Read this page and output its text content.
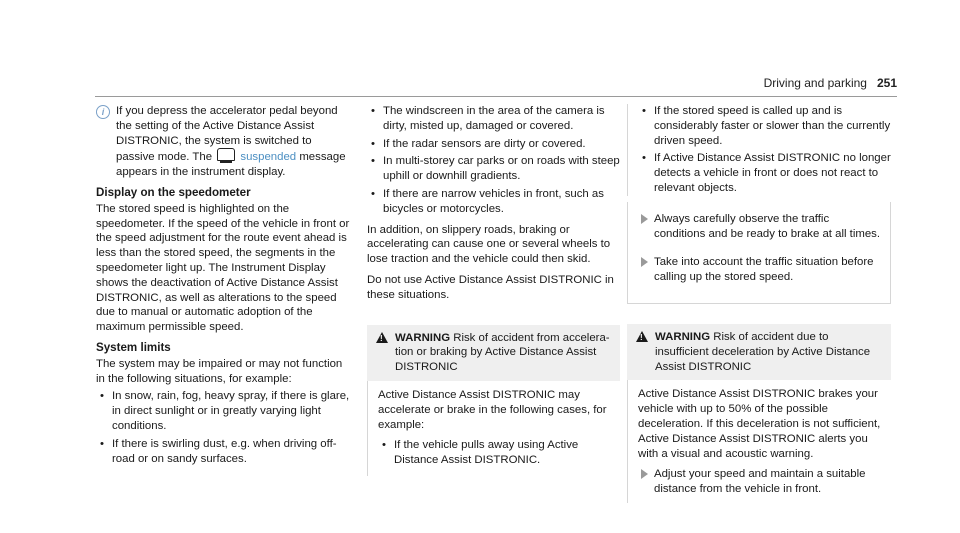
Driving and parking 251

i	If you depress the accelerator pedal beyond the setting of the Active Distance Assist DISTRONIC, the system is switched to passive mode. The suspended message appears in the instrument display.

Display on the speedometer

The stored speed is highlighted on the speedometer. If the speed of the vehicle in front or the speed adjustment for the route event ahead is less than the stored speed, the segments in the speedometer light up. The Instrument Display shows the deactivation of Active Distance Assist DISTRONIC, as well as alterations to the speed due to manual or automatic adoption of the maximum permissible speed.

System limits

The system may be impaired or may not function in the following situations, for example:

• In snow, rain, fog, heavy spray, if there is glare, in direct sunlight or in greatly varying light conditions.
• If there is swirling dust, e.g. when driving off-road or on sandy surfaces.
• The windscreen in the area of the camera is dirty, misted up, damaged or covered.
• If the radar sensors are dirty or covered.
• In multi-storey car parks or on roads with steep uphill or downhill gradients.
• If there are narrow vehicles in front, such as bicycles or motorcycles.

In addition, on slippery roads, braking or accelerating can cause one or several wheels to lose traction and the vehicle could then skid.

Do not use Active Distance Assist DISTRONIC in these situations.

!
WARNING Risk of accident from accelera-tion or braking by Active Distance Assist DISTRONIC

Active Distance Assist DISTRONIC may accelerate or brake in the following cases, for example:

• If the vehicle pulls away using Active Distance Assist DISTRONIC.
• If the stored speed is called up and is considerably faster or slower than the currently driven speed.
• If Active Distance Assist DISTRONIC no longer detects a vehicle in front or does not react to relevant objects.
Always carefully observe the traffic conditions and be ready to brake at all times.
Take into account the traffic situation before calling up the stored speed.
!
WARNING Risk of accident due to insufficient deceleration by Active Distance Assist DISTRONIC

Active Distance Assist DISTRONIC brakes your vehicle with up to 50% of the possible deceleration. If this deceleration is not sufficient, Active Distance Assist DISTRONIC alerts you with a visual and acoustic warning.

Adjust your speed and maintain a suitable distance from the vehicle in front.
